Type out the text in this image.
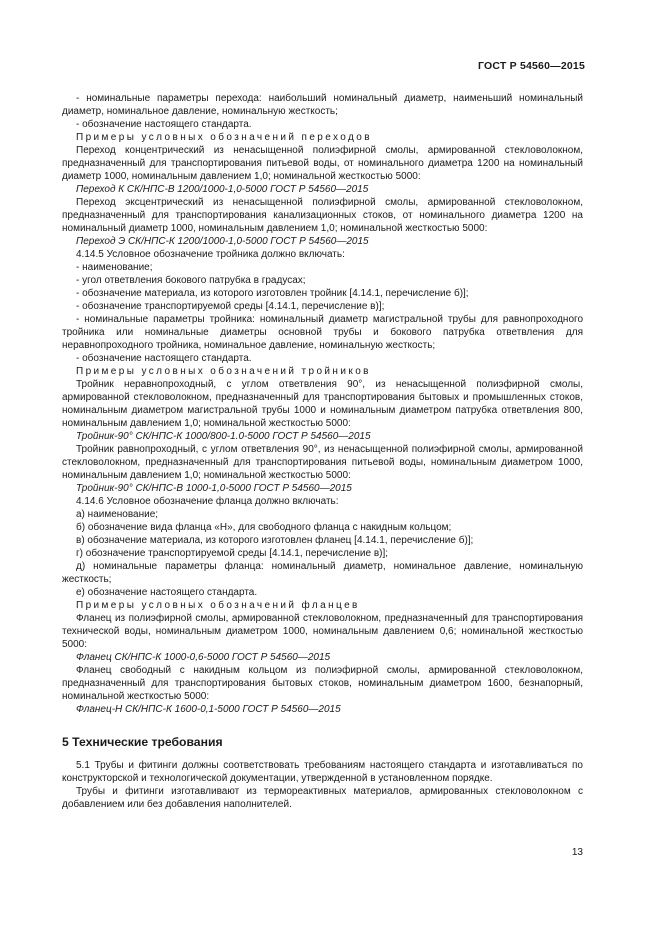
ГОСТ Р 54560—2015

- номинальные параметры перехода: наибольший номинальный диаметр, наименьший номинальный диаметр, номинальное давление, номинальную жесткость;

- обозначение настоящего стандарта.

Примеры условных обозначений переходов

Переход концентрический из ненасыщенной полиэфирной смолы, армированной стекловолокном, предназначенный для транспортирования питьевой воды, от номинального диаметра 1200 на номинальный диаметр 1000, номинальным давлением 1,0; номинальной жесткостью 5000:

Переход К СК/НПС-В 1200/1000-1,0-5000 ГОСТ Р 54560—2015

Переход эксцентрический из ненасыщенной полиэфирной смолы, армированной стекловолокном, предназначенный для транспортирования канализационных стоков, от номинального диаметра 1200 на номинальный диаметр 1000, номинальным давлением 1,0; номинальной жесткостью 5000:

Переход Э СК/НПС-К 1200/1000-1,0-5000 ГОСТ Р 54560—2015

4.14.5 Условное обозначение тройника должно включать:

- наименование;

- угол ответвления бокового патрубка в градусах;

- обозначение материала, из которого изготовлен тройник [4.14.1, перечисление б)];

- обозначение транспортируемой среды [4.14.1, перечисление в)];

- номинальные параметры тройника: номинальный диаметр магистральной трубы для равнопроходного тройника или номинальные диаметры основной трубы и бокового патрубка ответвления для неравнопроходного тройника, номинальное давление, номинальную жесткость;

- обозначение настоящего стандарта.

Примеры условных обозначений тройников

Тройник неравнопроходный, с углом ответвления 90°, из ненасыщенной полиэфирной смолы, армированной стекловолокном, предназначенный для транспортирования бытовых и промышленных стоков, номинальным диаметром магистральной трубы 1000 и номинальным диаметром патрубка ответвления 800, номинальным давлением 1,0; номинальной жесткостью 5000:

Тройник-90° СК/НПС-К 1000/800-1.0-5000 ГОСТ Р 54560—2015

Тройник равнопроходный, с углом ответвления 90°, из ненасыщенной полиэфирной смолы, армированной стекловолокном, предназначенный для транспортирования питьевой воды, номинальным диаметром 1000, номинальным давлением 1,0; номинальной жесткостью 5000:

Тройник-90° СК/НПС-В 1000-1,0-5000 ГОСТ Р 54560—2015

4.14.6 Условное обозначение фланца должно включать:

а) наименование;

б) обозначение вида фланца «Н», для свободного фланца с накидным кольцом;

в) обозначение материала, из которого изготовлен фланец [4.14.1, перечисление б)];

г) обозначение транспортируемой среды [4.14.1, перечисление в)];

д) номинальные параметры фланца: номинальный диаметр, номинальное давление, номинальную жесткость;

е) обозначение настоящего стандарта.

Примеры условных обозначений фланцев

Фланец из полиэфирной смолы, армированной стекловолокном, предназначенный для транспортирования технической воды, номинальным диаметром 1000, номинальным давлением 0,6; номинальной жесткостью 5000:

Фланец СК/НПС-К 1000-0,6-5000 ГОСТ Р 54560—2015

Фланец свободный с накидным кольцом из полиэфирной смолы, армированной стекловолокном, предназначенный для транспортирования бытовых стоков, номинальным диаметром 1600, безнапорный, номинальной жесткостью 5000:

Фланец-Н СК/НПС-К 1600-0,1-5000 ГОСТ Р 54560—2015

5 Технические требования

5.1 Трубы и фитинги должны соответствовать требованиям настоящего стандарта и изготавливаться по конструкторской и технологической документации, утвержденной в установленном порядке.

Трубы и фитинги изготавливают из термореактивных материалов, армированных стекловолокном с добавлением или без добавления наполнителей.

13
